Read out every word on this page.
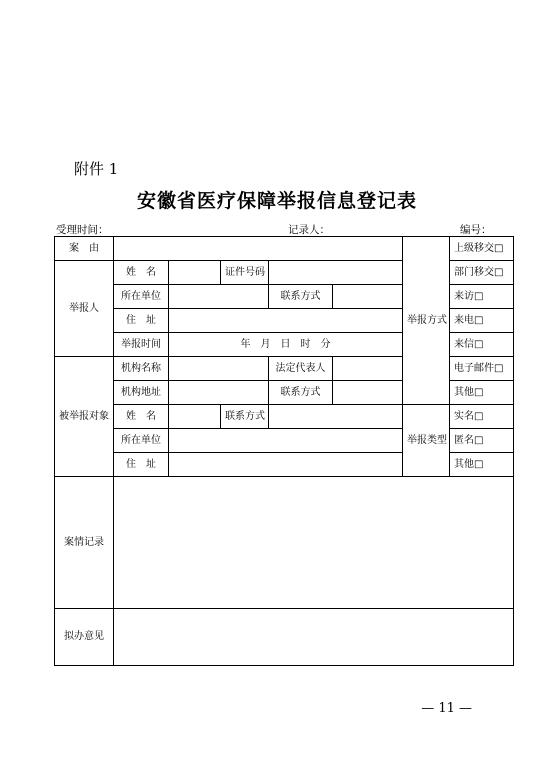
附件 1
安徽省医疗保障举报信息登记表
受理时间：	记录人：	编号：
案　由						举报方式	上级移交□
举报人	姓　名		证件号码				部门移交□
	所在单位			联系方式			来访□
	住　址						来电□
	举报时间	年　月　日　时　分					来信□
被举报对象	机构名称			法定代表人			电子邮件□
	机构地址			联系方式			其他□
	姓　名		联系方式			举报类型	实名□
	所在单位						匿名□
	住　址						其他□
案情记录							
拟办意见							
— 11 —
